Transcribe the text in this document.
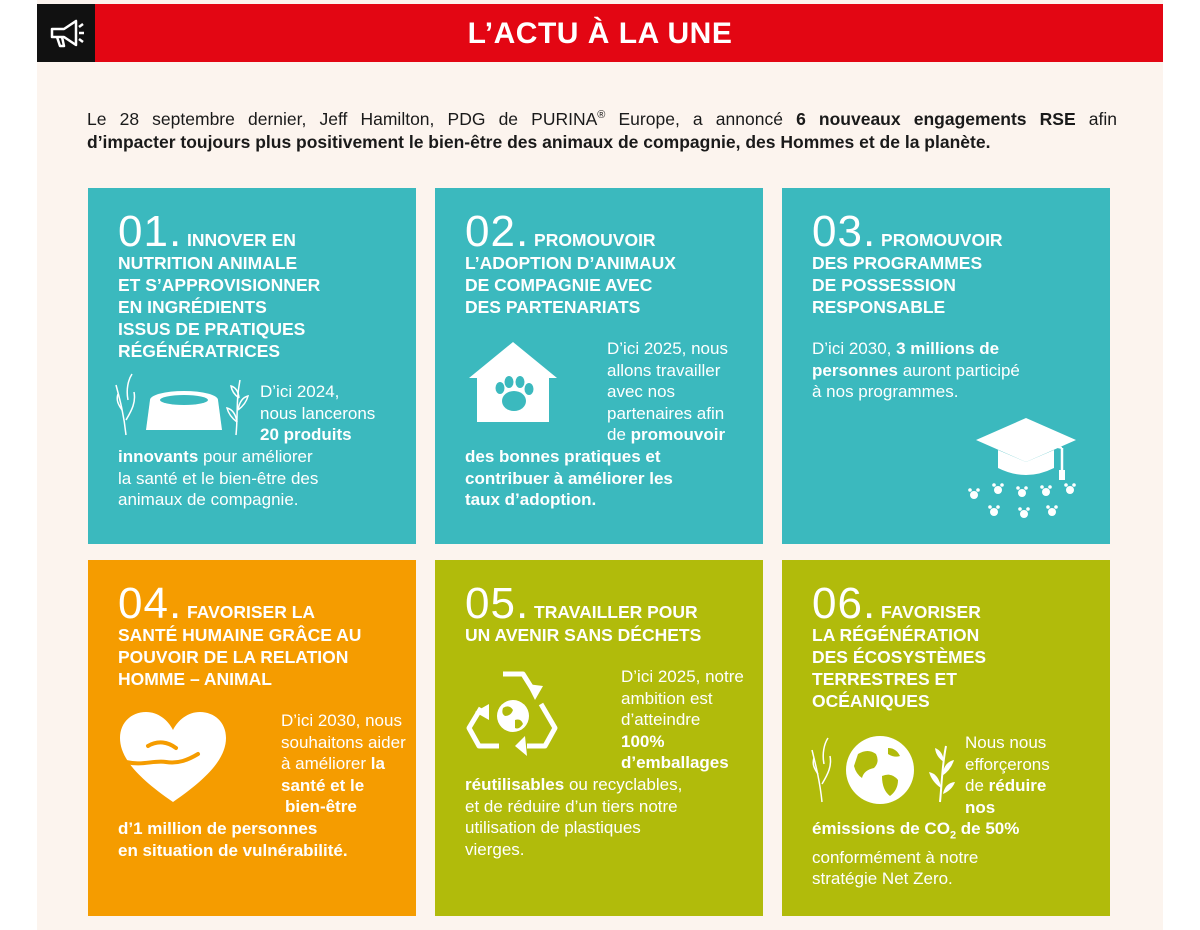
L’ACTU À LA UNE
Le 28 septembre dernier, Jeff Hamilton, PDG de PURINA® Europe, a annoncé 6 nouveaux engagements RSE afin
d’impacter toujours plus positivement le bien-être des animaux de compagnie, des Hommes et de la planète.
01. INNOVER EN
NUTRITION ANIMALE
ET S’APPROVISIONNER
EN INGRÉDIENTS
ISSUS DE PRATIQUES
RÉGÉNÉRATRICES
D’ici 2024,
nous lancerons
20 produits
innovants pour améliorer
la santé et le bien-être des
animaux de compagnie.
02. PROMOUVOIR
L’ADOPTION D’ANIMAUX
DE COMPAGNIE AVEC
DES PARTENARIATS
D’ici 2025, nous
allons travailler
avec nos
partenaires afin
de promouvoir
des bonnes pratiques et
contribuer à améliorer les
taux d’adoption.
03. PROMOUVOIR
DES PROGRAMMES
DE POSSESSION
RESPONSABLE
D’ici 2030, 3 millions de
personnes auront participé
à nos programmes.
04. FAVORISER LA
SANTÉ HUMAINE GRÂCE AU
POUVOIR DE LA RELATION
HOMME – ANIMAL
D’ici 2030, nous
souhaitons aider
à améliorer la
santé et le
bien-être
d’1 million de personnes
en situation de vulnérabilité.
05. TRAVAILLER POUR
UN AVENIR SANS DÉCHETS
D’ici 2025, notre
ambition est
d’atteindre
100%
d’emballages
réutilisables ou recyclables,
et de réduire d’un tiers notre
utilisation de plastiques
vierges.
06. FAVORISER
LA RÉGÉNÉRATION
DES ÉCOSYSTÈMES
TERRESTRES ET
OCÉANIQUES
Nous nous
efforçerons
de réduire
nos
émissions de $CO_2$ de 50%
conformément à notre
stratégie Net Zero.
